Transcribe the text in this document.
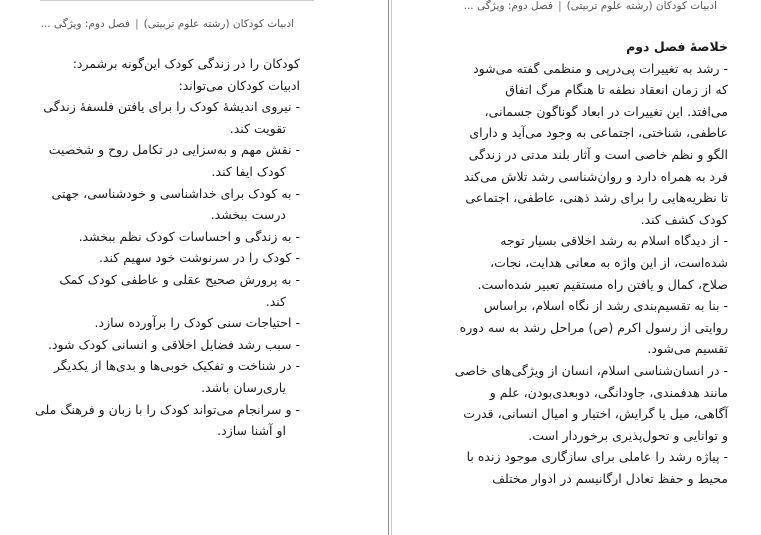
ادبیات کودکان (رشته علوم تربیتی)|فصل دوم: ویژگی ...
کودکان را در زندگی کودک این‌گونه برشمرد:
ادبیات کودکان می‌تواند:
- نیروی اندیشهٔ کودک را برای یافتن فلسفهٔ زندگی
تقویت کند.
- نقش مهم و به‌سزایی در تکامل روح و شخصیت
کودک ایفا کند.
- به کودک برای خداشناسی و خودشناسی، جهتی
درست ببخشد.
- به زندگی و احساسات کودک نظم ببخشد.
- کودک را در سرنوشت خود سهیم کند.
- به پرورش صحیح عقلی و عاطفی کودک کمک
کند.
- احتیاجات سنی کودک را برآورده سازد.
- سبب رشد فضایل اخلاقی و انسانی کودک شود.
- در شناخت و تفکیک خوبی‌ها و بدی‌ها از یکدیگر
یاری‌رسان باشد.
- و سرانجام می‌تواند کودک را با زبان و فرهنگ ملی
او آشنا سازد.
ادبیات کودکان (رشته علوم تربیتی)|فصل دوم: ویژگی ...
خلاصهٔ فصل دوم
- رشد به تغییرات پی‌درپی و منظمی گفته می‌شود
که از زمان انعقاد نطفه تا هنگام مرگ اتفاق
می‌افتد. این تغییرات در ابعاد گوناگون جسمانی،
عاطفی، شناختی، اجتماعی به وجود می‌آید و دارای
الگو و نظم خاصی است و آثار بلند مدتی در زندگی
فرد به همراه دارد و روان‌شناسی رشد تلاش می‌کند
تا نظریه‌هایی را برای رشد ذهنی، عاطفی، اجتماعی
کودک کشف کند.
- از دیدگاه اسلام به رشد اخلاقی بسیار توجه
شده‌است، از این واژه به معانی هدایت، نجات،
صلاح، کمال و یافتن راه مستقیم تعبیر شده‌است.
- بنا به تقسیم‌بندی رشد از نگاه اسلام، براساس
روایتی از رسول اکرم (ص) مراحل رشد به سه دوره
تقسیم می‌شود.
- در انسان‌شناسی اسلام، انسان از ویژگی‌های خاصی
مانند هدفمندی، جاودانگی، دوبعدی‌بودن، علم و
آگاهی، میل یا گرایش، اختیار و امیال انسانی، قدرت
و توانایی و تحول‌پذیری برخوردار است.
- پیاژه رشد را عاملی برای سازگاری موجود زنده با
محیط و حفظ تعادل ارگانیسم در ادوار مختلف
